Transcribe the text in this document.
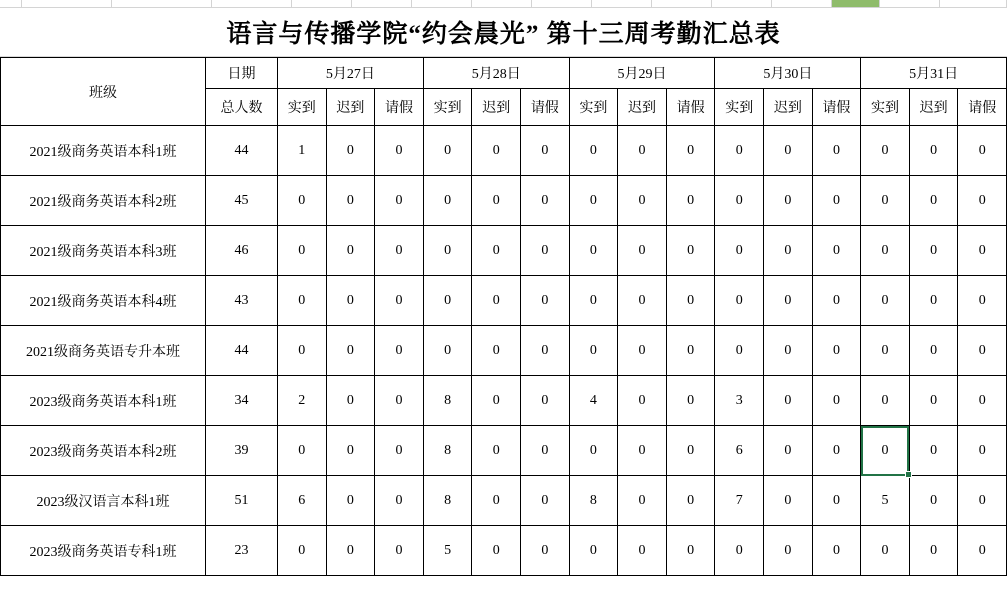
语言与传播学院“约会晨光” 第十三周考勤汇总表
班级	日期	5月27日			5月28日			5月29日			5月30日			5月31日		
	总人数	实到	迟到	请假	实到	迟到	请假	实到	迟到	请假	实到	迟到	请假	实到	迟到	请假
2021级商务英语本科1班	44	1	0	0	0	0	0	0	0	0	0	0	0	0	0	0
2021级商务英语本科2班	45	0	0	0	0	0	0	0	0	0	0	0	0	0	0	0
2021级商务英语本科3班	46	0	0	0	0	0	0	0	0	0	0	0	0	0	0	0
2021级商务英语本科4班	43	0	0	0	0	0	0	0	0	0	0	0	0	0	0	0
2021级商务英语专升本班	44	0	0	0	0	0	0	0	0	0	0	0	0	0	0	0
2023级商务英语本科1班	34	2	0	0	8	0	0	4	0	0	3	0	0	0	0	0
2023级商务英语本科2班	39	0	0	0	8	0	0	0	0	0	6	0	0	0	0	0
2023级汉语言本科1班	51	6	0	0	8	0	0	8	0	0	7	0	0	5	0	0
2023级商务英语专科1班	23	0	0	0	5	0	0	0	0	0	0	0	0	0	0	0
